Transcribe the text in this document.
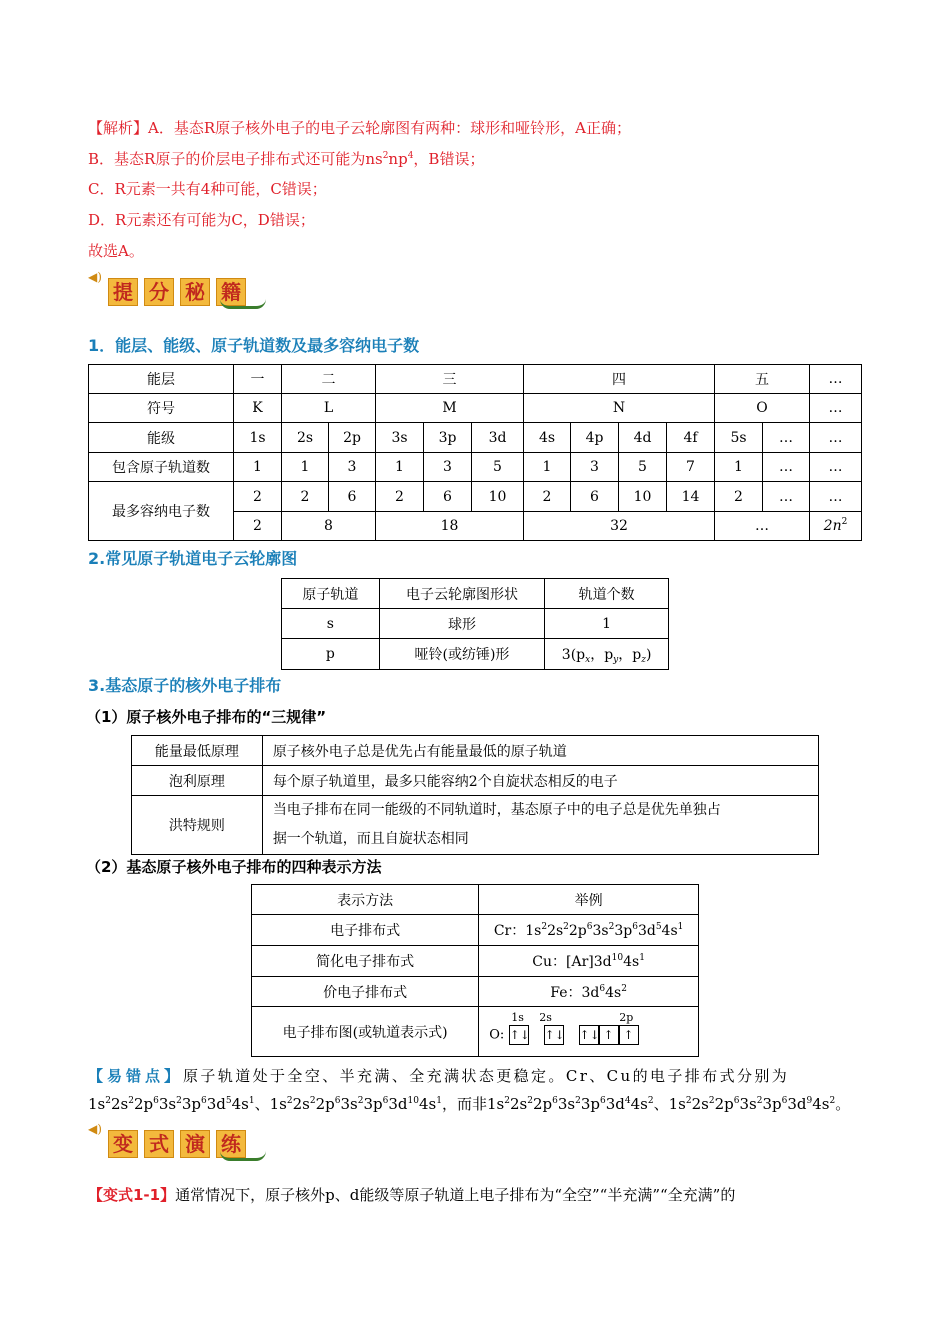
【解析】A．基态R原子核外电子的电子云轮廓图有两种：球形和哑铃形，A正确；
B．基态R原子的价层电子排布式还可能为$ns^2np^4$，B错误；
C．R元素一共有4种可能，C错误；
D．R元素还有可能为C，D错误；
故选A。
◀)
提 分 秘 籍
1．能层、能级、原子轨道数及最多容纳电子数
能层	一	二		三			四				五		…
符号	K	L		M			N				O		…
能级	1s	2s	2p	3s	3p	3d	4s	4p	4d	4f	5s	…	…
包含原子轨道数	1	1	3	1	3	5	1	3	5	7	1	…	…
最多容纳电子数	2	2	6	2	6	10	2	6	10	14	2	…	…
	2	8		18			32				…		$2n^2$
2.常见原子轨道电子云轮廓图
原子轨道	电子云轮廓图形状	轨道个数
s	球形	1
p	哑铃(或纺锤)形	$3(p_x$，$p_y$，$p_z$)
3.基态原子的核外电子排布
（1）原子核外电子排布的“三规律”
能量最低原理	原子核外电子总是优先占有能量最低的原子轨道
泡利原理	每个原子轨道里，最多只能容纳2个自旋状态相反的电子
洪特规则	当电子排布在同一能级的不同轨道时，基态原子中的电子总是优先单独占
据一个轨道，而且自旋状态相同
（2）基态原子核外电子排布的四种表示方法
表示方法	举例
电子排布式	Cr：$1s^22s^22p^63s^23p^63d^54s^1$
简化电子排布式	Cu：$[Ar]3d^{10}4s^1$
价电子排布式	Fe：$3d^64s^2$
电子排布图(或轨道表示式)	1s 2s 2p
O: ↑↓ ↑↓ ↑↓ ↑ ↑
【易错点】原子轨道处于全空、半充满、全充满状态更稳定。Cr、Cu的电子排布式分别为
$1s^22s^22p^63s^23p^63d^54s^1$、$1s^22s^22p^63s^23p^63d^{10}4s^1$，而非$1s^22s^22p^63s^23p^63d^44s^2$、$1s^22s^22p^63s^23p^63d^94s^2$。
◀)
变 式 演 练
【变式1-1】通常情况下，原子核外p、d能级等原子轨道上电子排布为“全空”“半充满”“全充满”的
